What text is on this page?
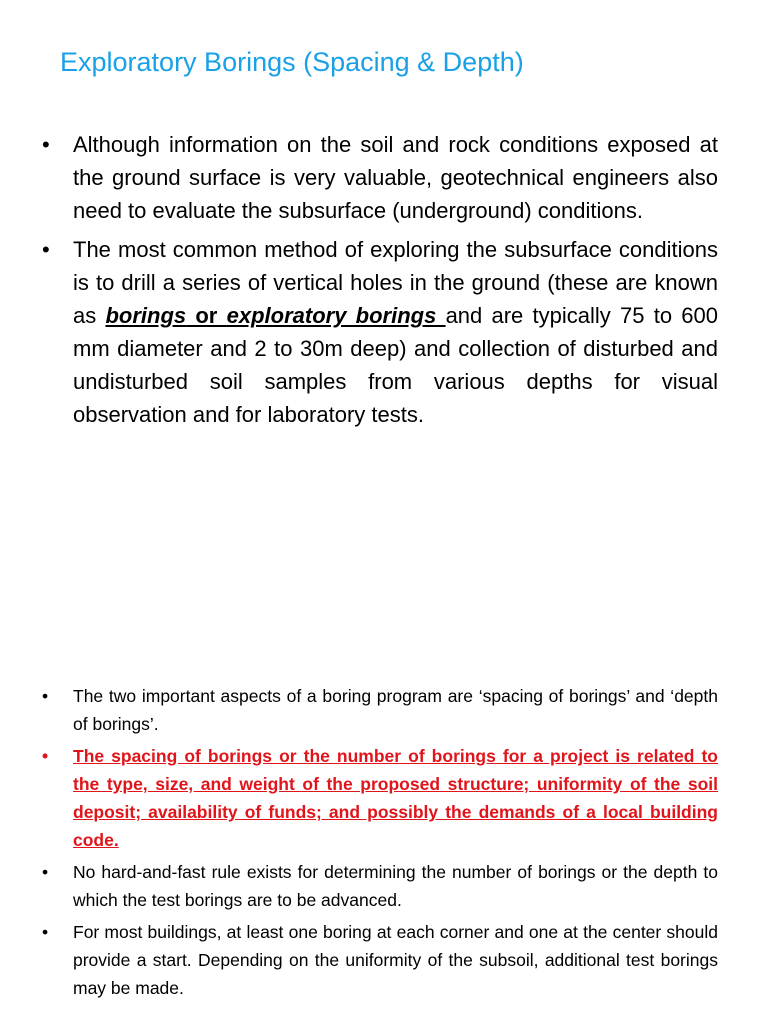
Exploratory Borings (Spacing & Depth)
• Although information on the soil and rock conditions exposed at the ground surface is very valuable, geotechnical engineers also need to evaluate the subsurface (underground) conditions.
• The most common method of exploring the subsurface conditions is to drill a series of vertical holes in the ground (these are known as borings or exploratory borings and are typically 75 to 600 mm diameter and 2 to 30m deep) and collection of disturbed and undisturbed soil samples from various depths for visual observation and for laboratory tests.
• The two important aspects of a boring program are ‘spacing of borings’ and ‘depth of borings’.
• The spacing of borings or the number of borings for a project is related to the type, size, and weight of the proposed structure; uniformity of the soil deposit; availability of funds; and possibly the demands of a local building code.
• No hard-and-fast rule exists for determining the number of borings or the depth to which the test borings are to be advanced.
• For most buildings, at least one boring at each corner and one at the center should provide a start. Depending on the uniformity of the subsoil, additional test borings may be made.
